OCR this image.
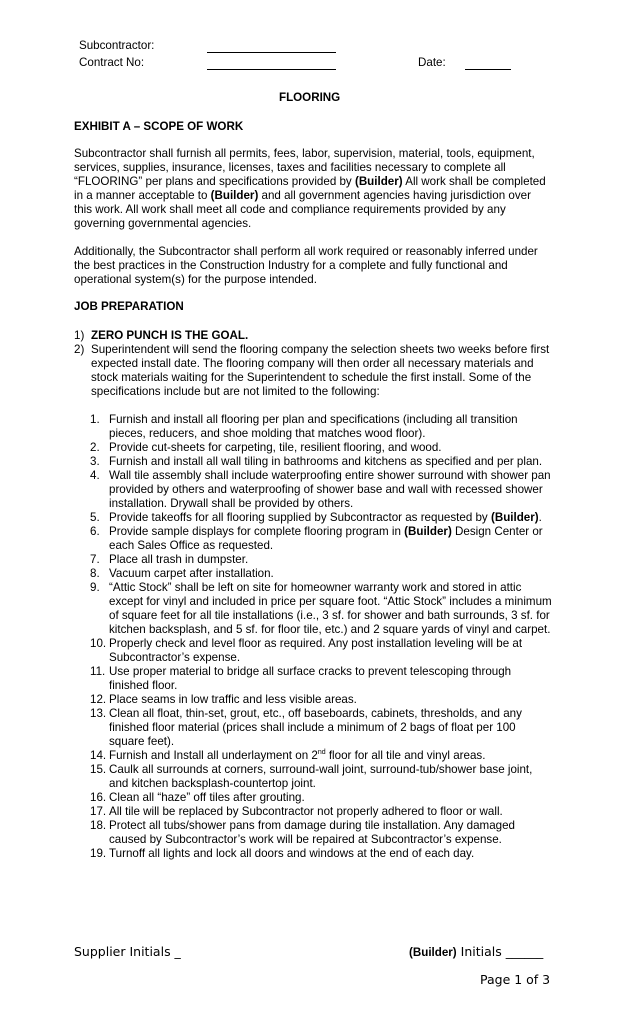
Subcontractor:
Contract No:	Date:
FLOORING
EXHIBIT A – SCOPE OF WORK

Subcontractor shall furnish all permits, fees, labor, supervision, material, tools, equipment, services, supplies, insurance, licenses, taxes and facilities necessary to complete all “FLOORING” per plans and specifications provided by (Builder) All work shall be completed in a manner acceptable to (Builder) and all government agencies having jurisdiction over this work. All work shall meet all code and compliance requirements provided by any governing governmental agencies.

Additionally, the Subcontractor shall perform all work required or reasonably inferred under the best practices in the Construction Industry for a complete and fully functional and operational system(s) for the purpose intended.

JOB PREPARATION
1) ZERO PUNCH IS THE GOAL.
2) Superintendent will send the flooring company the selection sheets two weeks before first expected install date. The flooring company will then order all necessary materials and stock materials waiting for the Superintendent to schedule the first install. Some of the specifications include but are not limited to the following:
1. Furnish and install all flooring per plan and specifications (including all transition pieces, reducers, and shoe molding that matches wood floor).
2. Provide cut-sheets for carpeting, tile, resilient flooring, and wood.
3. Furnish and install all wall tiling in bathrooms and kitchens as specified and per plan.
4. Wall tile assembly shall include waterproofing entire shower surround with shower pan provided by others and waterproofing of shower base and wall with recessed shower installation. Drywall shall be provided by others.
5. Provide takeoffs for all flooring supplied by Subcontractor as requested by (Builder).
6. Provide sample displays for complete flooring program in (Builder) Design Center or each Sales Office as requested.
7. Place all trash in dumpster.
8. Vacuum carpet after installation.
9. “Attic Stock” shall be left on site for homeowner warranty work and stored in attic except for vinyl and included in price per square foot. “Attic Stock” includes a minimum of square feet for all tile installations (i.e., 3 sf. for shower and bath surrounds, 3 sf. for kitchen backsplash, and 5 sf. for floor tile, etc.) and 2 square yards of vinyl and carpet.
10. Properly check and level floor as required. Any post installation leveling will be at Subcontractor’s expense.
11. Use proper material to bridge all surface cracks to prevent telescoping through finished floor.
12. Place seams in low traffic and less visible areas.
13. Clean all float, thin-set, grout, etc., off baseboards, cabinets, thresholds, and any finished floor material (prices shall include a minimum of 2 bags of float per 100 square feet).
14. Furnish and Install all underlayment on 2nd floor for all tile and vinyl areas.
15. Caulk all surrounds at corners, surround-wall joint, surround-tub/shower base joint, and kitchen backsplash-countertop joint.
16. Clean all “haze” off tiles after grouting.
17. All tile will be replaced by Subcontractor not properly adhered to floor or wall.
18. Protect all tubs/shower pans from damage during tile installation. Any damaged caused by Subcontractor’s work will be repaired at Subcontractor’s expense.
19. Turnoff all lights and lock all doors and windows at the end of each day.
Supplier Initials _	(Builder) Initials ______
Page 1 of 3
